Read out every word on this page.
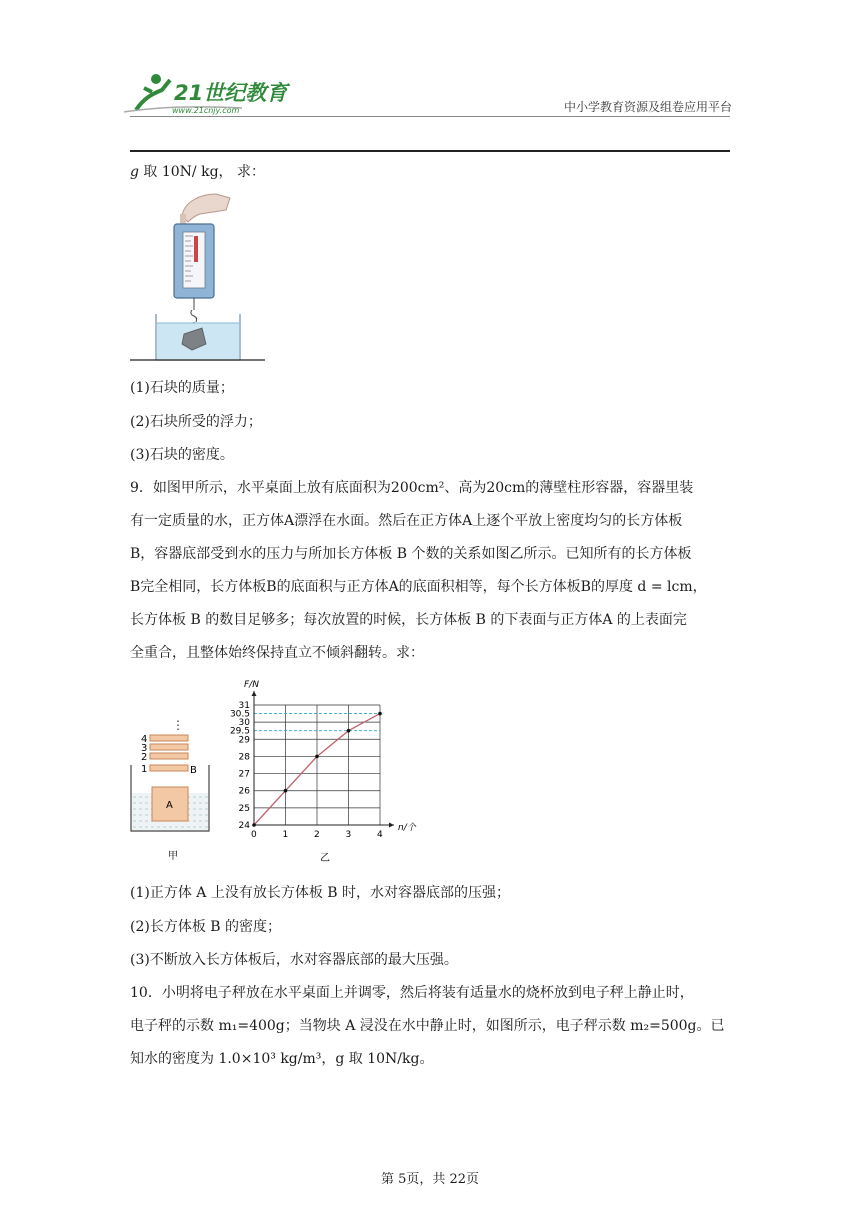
21世纪教育
www.21cnjy.com	中小学教育资源及组卷应用平台
g 取 10N/ kg， 求：
(1)石块的质量；
(2)石块所受的浮力；
(3)石块的密度。
9．如图甲所示，水平桌面上放有底面积为200cm²、高为20cm的薄壁柱形容器，容器里装
有一定质量的水，正方体A漂浮在水面。然后在正方体A上逐个平放上密度均匀的长方体板
B，容器底部受到水的压力与所加长方体板 B 个数的关系如图乙所示。已知所有的长方体板
B完全相同，长方体板B的底面积与正方体A的底面积相等，每个长方体板B的厚度 d = lcm，
长方体板 B 的数目足够多；每次放置的时候，长方体板 B 的下表面与正方体A 的上表面完
全重合，且整体始终保持直立不倾斜翻转。求：
⋮
4
3
2
1	B
A
甲
0	1	2	3	4
24
25
26
27
28
29
29.5
30
30.5
31
F/N
n/个
乙
(1)正方体 A 上没有放长方体板 B 时，水对容器底部的压强；
(2)长方体板 B 的密度；
(3)不断放入长方体板后，水对容器底部的最大压强。
10．小明将电子秤放在水平桌面上并调零，然后将装有适量水的烧杯放到电子秤上静止时，
电子秤的示数 m₁=400g；当物块 A 浸没在水中静止时，如图所示，电子秤示数 m₂=500g。已
知水的密度为 1.0×10³ kg/m³，g 取 10N/kg。
第 5页，共 22页
